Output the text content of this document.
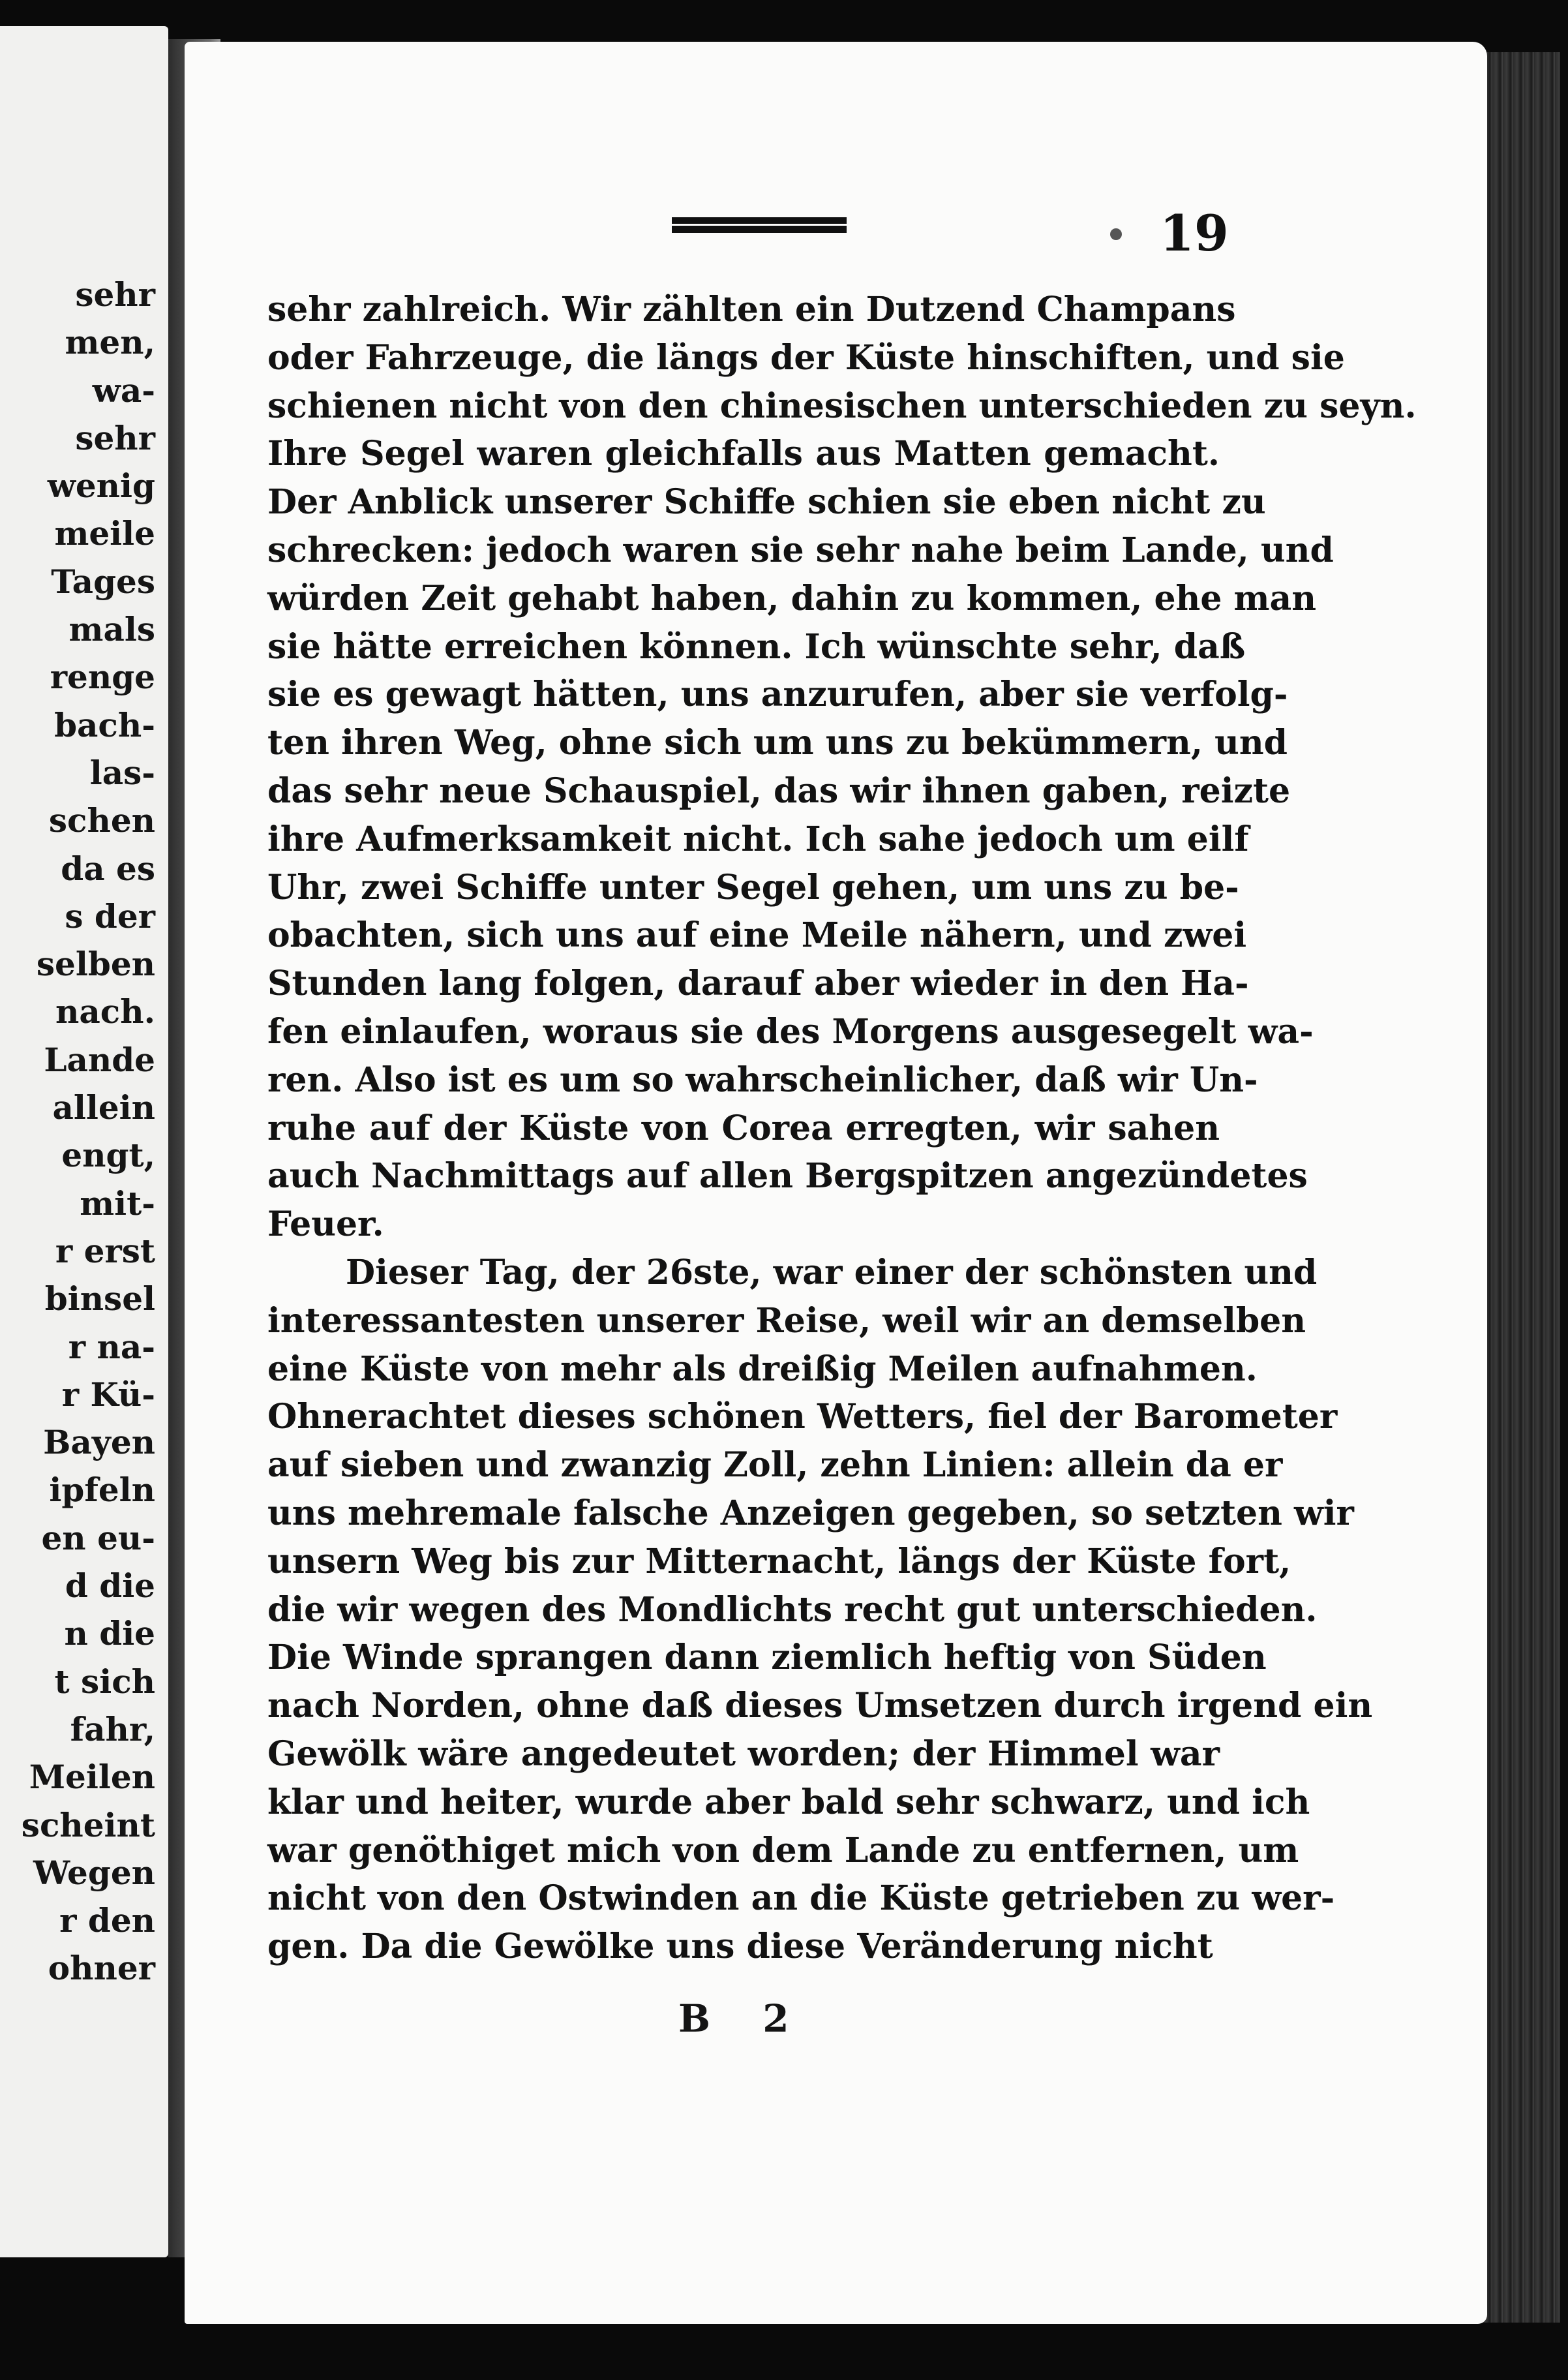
sehr
men,
wa-
sehr
wenig
meile
Tages
mals
renge
bach-
las-
schen
da es
s der
selben
nach.
Lande
allein
engt,
mit-
r erst
binsel
r na-
r Kü-
Bayen
ipfeln
en eu-
d die
n die
t sich
fahr,
Meilen
scheint
Wegen
r den
ohner
19
sehr zahlreich. Wir zählten ein Dutzend Champans
oder Fahrzeuge, die längs der Küste hinschiften, und sie
schienen nicht von den chinesischen unterschieden zu seyn.
Ihre Segel waren gleichfalls aus Matten gemacht.
Der Anblick unserer Schiffe schien sie eben nicht zu
schrecken: jedoch waren sie sehr nahe beim Lande, und
würden Zeit gehabt haben, dahin zu kommen, ehe man
sie hätte erreichen können. Ich wünschte sehr, daß
sie es gewagt hätten, uns anzurufen, aber sie verfolg-
ten ihren Weg, ohne sich um uns zu bekümmern, und
das sehr neue Schauspiel, das wir ihnen gaben, reizte
ihre Aufmerksamkeit nicht. Ich sahe jedoch um eilf
Uhr, zwei Schiffe unter Segel gehen, um uns zu be-
obachten, sich uns auf eine Meile nähern, und zwei
Stunden lang folgen, darauf aber wieder in den Ha-
fen einlaufen, woraus sie des Morgens ausgesegelt wa-
ren. Also ist es um so wahrscheinlicher, daß wir Un-
ruhe auf der Küste von Corea erregten, wir sahen
auch Nachmittags auf allen Bergspitzen angezündetes
Feuer.
Dieser Tag, der 26ste, war einer der schönsten und
interessantesten unserer Reise, weil wir an demselben
eine Küste von mehr als dreißig Meilen aufnahmen.
Ohnerachtet dieses schönen Wetters, fiel der Barometer
auf sieben und zwanzig Zoll, zehn Linien: allein da er
uns mehremale falsche Anzeigen gegeben, so setzten wir
unsern Weg bis zur Mitternacht, längs der Küste fort,
die wir wegen des Mondlichts recht gut unterschieden.
Die Winde sprangen dann ziemlich heftig von Süden
nach Norden, ohne daß dieses Umsetzen durch irgend ein
Gewölk wäre angedeutet worden; der Himmel war
klar und heiter, wurde aber bald sehr schwarz, und ich
war genöthiget mich von dem Lande zu entfernen, um
nicht von den Ostwinden an die Küste getrieben zu wer-
gen. Da die Gewölke uns diese Veränderung nicht
B 2
